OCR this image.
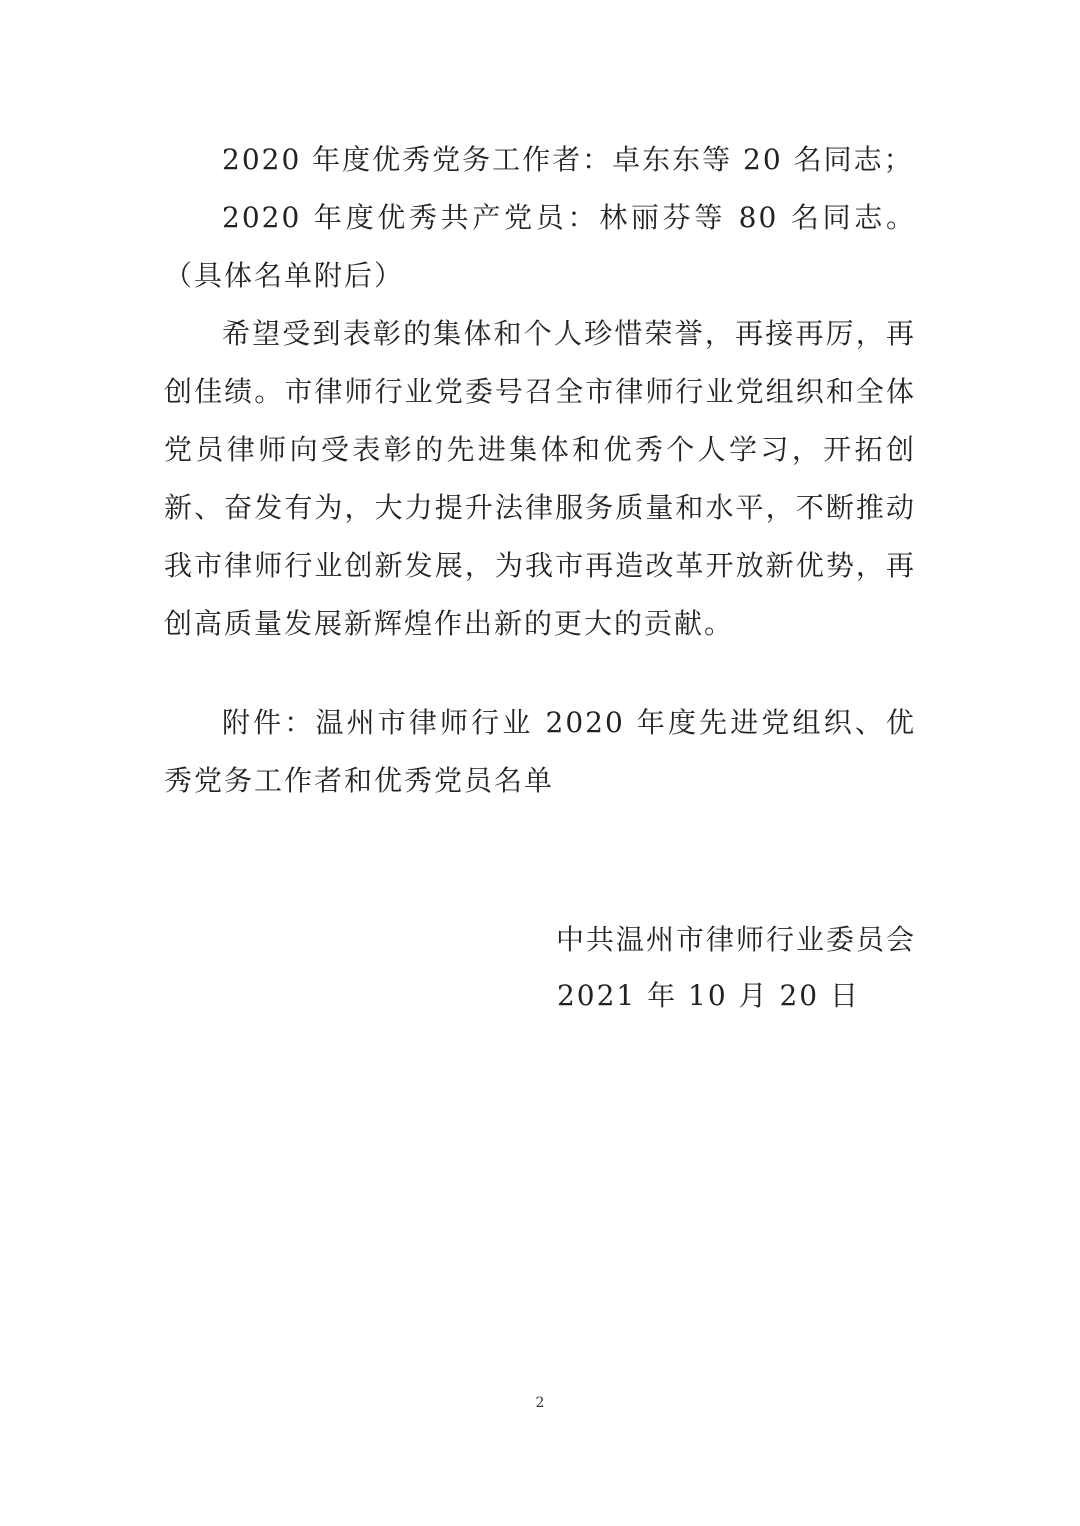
2020 年度优秀党务工作者：卓东东等 20 名同志；

2020 年度优秀共产党员：林丽芬等 80 名同志。（具体名单附后）

希望受到表彰的集体和个人珍惜荣誉，再接再厉，再创佳绩。市律师行业党委号召全市律师行业党组织和全体党员律师向受表彰的先进集体和优秀个人学习，开拓创新、奋发有为，大力提升法律服务质量和水平，不断推动我市律师行业创新发展，为我市再造改革开放新优势，再创高质量发展新辉煌作出新的更大的贡献。

附件：温州市律师行业 2020 年度先进党组织、优秀党务工作者和优秀党员名单

中共温州市律师行业委员会
2021 年 10 月 20 日
2
